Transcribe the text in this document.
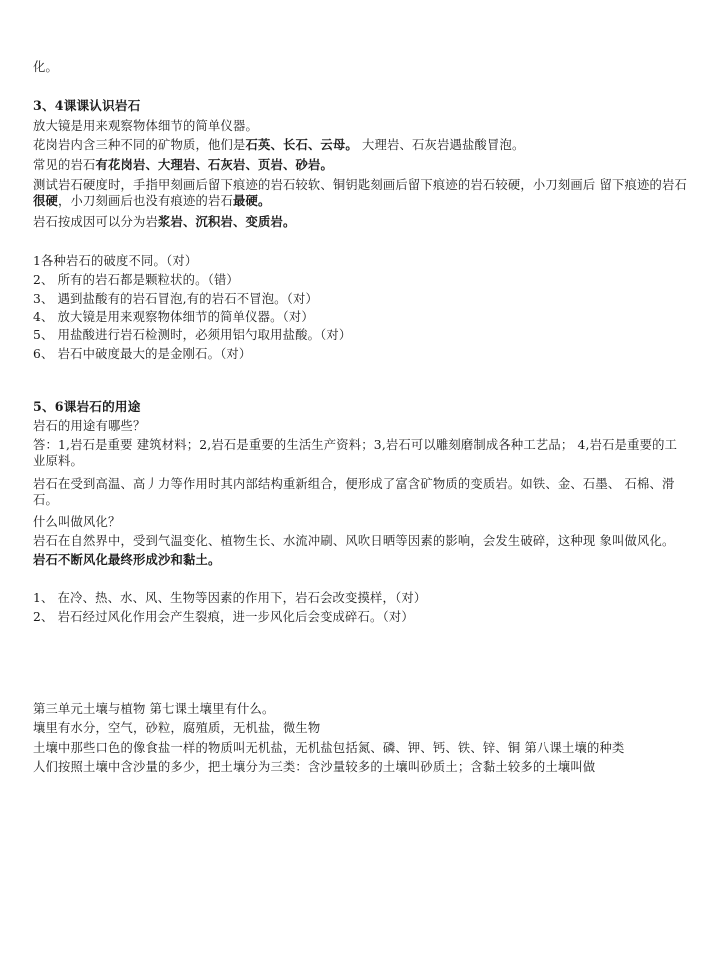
化。
3、4课课认识岩石
放大镜是用来观察物体细节的简单仪器。
花岗岩内含三种不同的矿物质，他们是石英、长石、云母。 大理岩、石灰岩遇盐酸冒泡。
常见的岩石有花岗岩、大理岩、石灰岩、页岩、砂岩。
测试岩石硬度时，手指甲刻画后留下痕迹的岩石较软、铜钥匙刻画后留下痕迹的岩石较硬，小刀刻画后 留下痕迹的岩石很硬，小刀刻画后也没有痕迹的岩石最硬。
岩石按成因可以分为岩浆岩、沉积岩、变质岩。
1各种岩石的破度不同。（对）
2、 所有的岩石都是颗粒状的。（错）
3、 遇到盐酸有的岩石冒泡,有的岩石不冒泡。（对）
4、 放大镜是用来观察物体细节的简单仪器。（对）
5、 用盐酸进行岩石检测时，必须用铝勺取用盐酸。（对）
6、 岩石中破度最大的是金刚石。（对）
5、6课岩石的用途
岩石的用途有哪些？
答：1,岩石是重要 建筑材料；2,岩石是重要的生活生产资料；3,岩石可以雕刻磨制成各种工艺品； 4,岩石是重要的工业原料。
岩石在受到高温、高丿力等作用时其内部结构重新组合，便形成了富含矿物质的变质岩。如铁、金、石墨、 石棉、滑石。
什么叫做风化？
岩石在自然界中，受到气温变化、植物生长、水流冲刷、风吹日晒等因素的影响，会发生破碎，这种现 象叫做风化。
岩石不断风化最终形成沙和黏土。
1、 在冷、热、水、风、生物等因素的作用下，岩石会改变摸样，（对）
2、 岩石经过风化作用会产生裂痕，进一步风化后会变成碎石。（对）
第三单元土壤与植物 第七课土壤里有什么。
壤里有水分，空气，砂粒，腐殖质，无机盐，微生物
土壤中那些口色的像食盐一样的物质叫无机盐，无机盐包括氮、磷、钾、钙、铁、锌、铜 第八课土壤的种类
人们按照土壤中含沙量的多少，把土壤分为三类：含沙量较多的土壤叫砂质土；含黏土较多的土壤叫做
